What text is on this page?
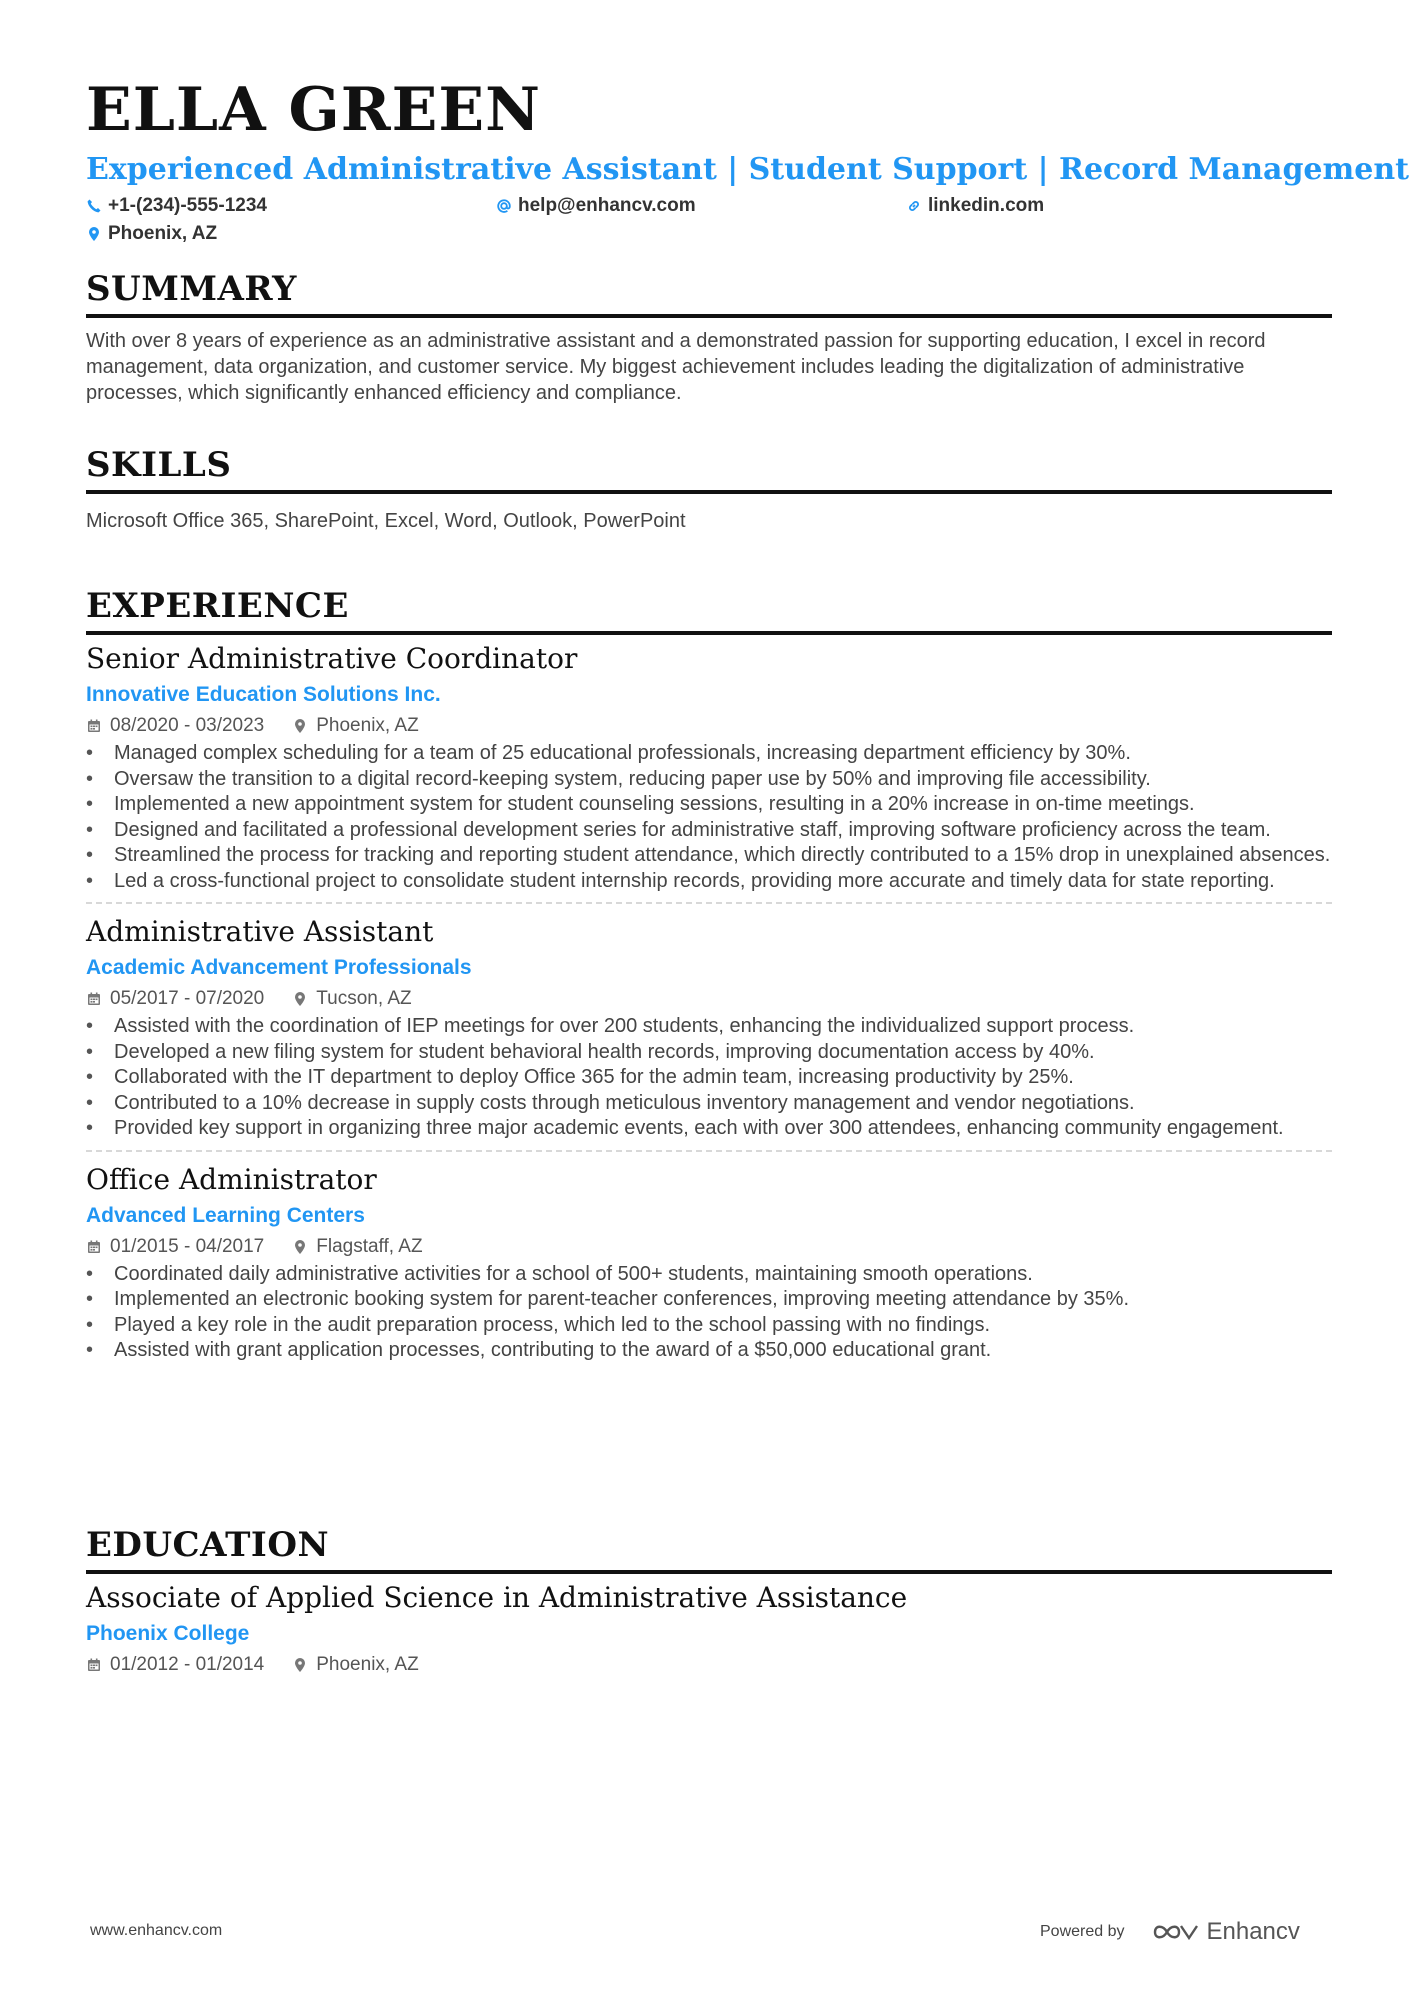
ELLA GREEN
Experienced Administrative Assistant | Student Support | Record Management
+1-(234)-555-1234	help@enhancv.com	linkedin.com
Phoenix, AZ
SUMMARY
With over 8 years of experience as an administrative assistant and a demonstrated passion for supporting education, I excel in record management, data organization, and customer service. My biggest achievement includes leading the digitalization of administrative processes, which significantly enhanced efficiency and compliance.
SKILLS
Microsoft Office 365, SharePoint, Excel, Word, Outlook, PowerPoint
EXPERIENCE
Senior Administrative Coordinator
Innovative Education Solutions Inc.
08/2020 - 03/2023	Phoenix, AZ
• Managed complex scheduling for a team of 25 educational professionals, increasing department efficiency by 30%.
• Oversaw the transition to a digital record-keeping system, reducing paper use by 50% and improving file accessibility.
• Implemented a new appointment system for student counseling sessions, resulting in a 20% increase in on-time meetings.
• Designed and facilitated a professional development series for administrative staff, improving software proficiency across the team.
• Streamlined the process for tracking and reporting student attendance, which directly contributed to a 15% drop in unexplained absences.
• Led a cross-functional project to consolidate student internship records, providing more accurate and timely data for state reporting.
Administrative Assistant
Academic Advancement Professionals
05/2017 - 07/2020	Tucson, AZ
• Assisted with the coordination of IEP meetings for over 200 students, enhancing the individualized support process.
• Developed a new filing system for student behavioral health records, improving documentation access by 40%.
• Collaborated with the IT department to deploy Office 365 for the admin team, increasing productivity by 25%.
• Contributed to a 10% decrease in supply costs through meticulous inventory management and vendor negotiations.
• Provided key support in organizing three major academic events, each with over 300 attendees, enhancing community engagement.
Office Administrator
Advanced Learning Centers
01/2015 - 04/2017	Flagstaff, AZ
• Coordinated daily administrative activities for a school of 500+ students, maintaining smooth operations.
• Implemented an electronic booking system for parent-teacher conferences, improving meeting attendance by 35%.
• Played a key role in the audit preparation process, which led to the school passing with no findings.
• Assisted with grant application processes, contributing to the award of a $50,000 educational grant.
EDUCATION
Associate of Applied Science in Administrative Assistance
Phoenix College
01/2012 - 01/2014	Phoenix, AZ
www.enhancv.com	Powered by	Enhancv
